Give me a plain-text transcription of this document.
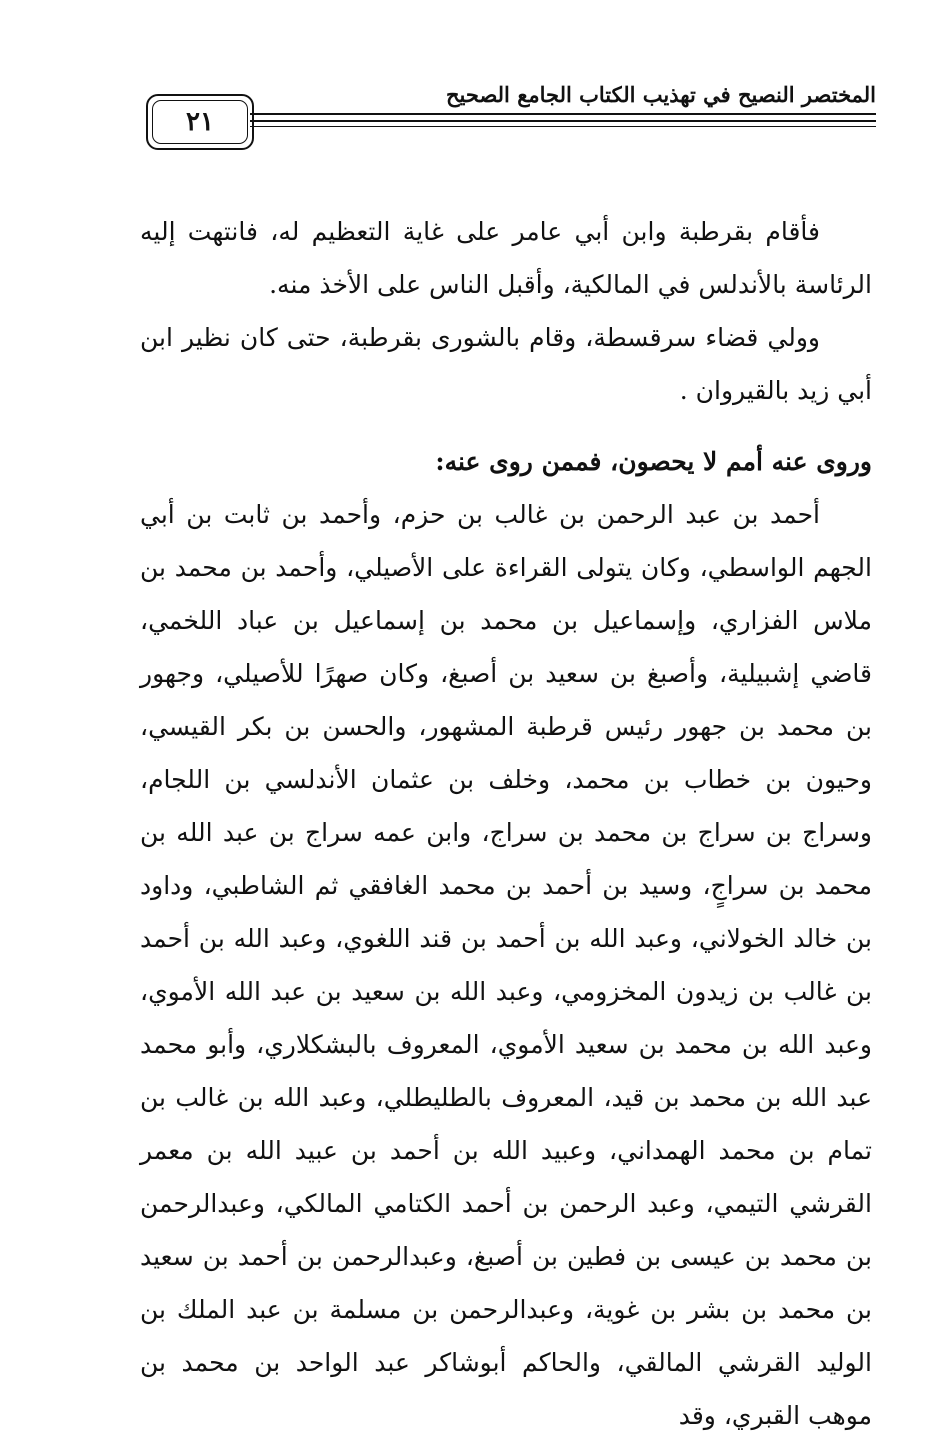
٢١
المختصر النصيح في تهذيب الكتاب الجامع الصحيح

فأقام بقرطبة وابن أبي عامر على غاية التعظيم له، فانتهت إليه الرئاسة بالأندلس في المالكية، وأقبل الناس على الأخذ منه.

وولي قضاء سرقسطة، وقام بالشورى بقرطبة، حتى كان نظير ابن أبي زيد بالقيروان .

وروى عنه أمم لا يحصون، فممن روى عنه:

أحمد بن عبد الرحمن بن غالب بن حزم، وأحمد بن ثابت بن أبي الجهم الواسطي، وكان يتولى القراءة على الأصيلي، وأحمد بن محمد بن ملاس الفزاري، وإسماعيل بن محمد بن إسماعيل بن عباد اللخمي، قاضي إشبيلية، وأصبغ بن سعيد بن أصبغ، وكان صهرًا للأصيلي، وجهور بن محمد بن جهور رئيس قرطبة المشهور، والحسن بن بكر القيسي، وحيون بن خطاب بن محمد، وخلف بن عثمان الأندلسي بن اللجام، وسراج بن سراج بن محمد بن سراج، وابن عمه سراج بن عبد الله بن محمد بن سراجٍ، وسيد بن أحمد بن محمد الغافقي ثم الشاطبي، وداود بن خالد الخولاني، وعبد الله بن أحمد بن قند اللغوي، وعبد الله بن أحمد بن غالب بن زيدون المخزومي، وعبد الله بن سعيد بن عبد الله الأموي، وعبد الله بن محمد بن سعيد الأموي، المعروف بالبشكلاري، وأبو محمد عبد الله بن محمد بن قيد، المعروف بالطليطلي، وعبد الله بن غالب بن تمام بن محمد الهمداني، وعبيد الله بن أحمد بن عبيد الله بن معمر القرشي التيمي، وعبد الرحمن بن أحمد الكتامي المالكي، وعبدالرحمن بن محمد بن عيسى بن فطين بن أصبغ، وعبدالرحمن بن أحمد بن سعيد بن محمد بن بشر بن غوية، وعبدالرحمن بن مسلمة بن عبد الملك بن الوليد القرشي المالقي، والحاكم أبوشاكر عبد الواحد بن محمد بن موهب القبري، وقد
